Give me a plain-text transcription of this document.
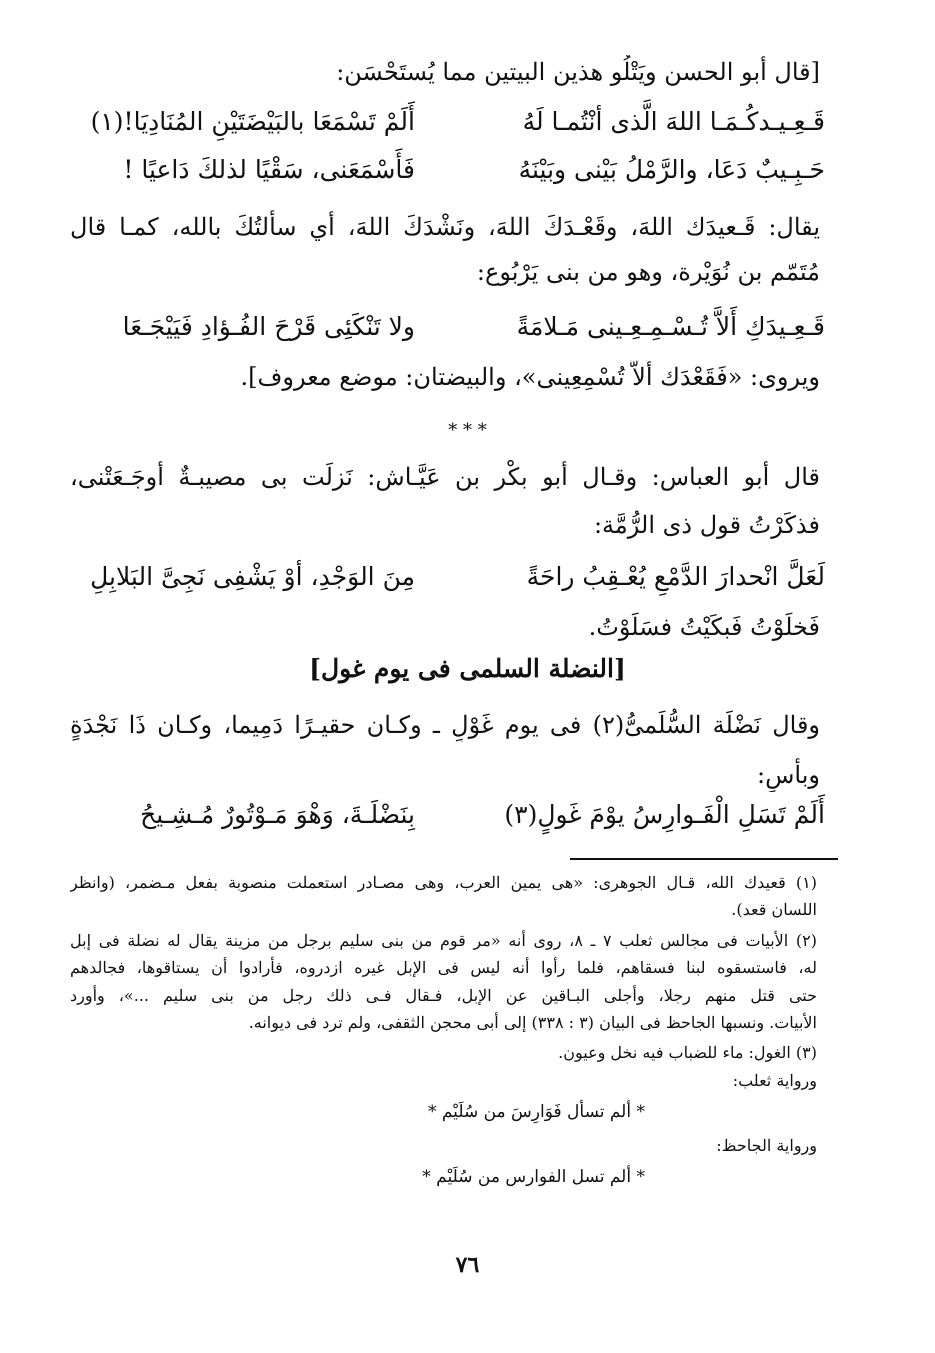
[قال أبو الحسن ويَتْلُو هذين البيتين مما يُستَحْسَن:
قَـعِـيـدكُـمَـا اللهَ الَّذى أنْتُمـا لَهُ
أَلَمْ تَسْمَعَا بالبَيْضَتَيْنِ المُنَادِيَا!(١)
حَـبِـيبٌ دَعَا، والرَّمْلُ بَيْنى وبَيْنَهُ
فَأَسْمَعَنى، سَقْيًا لذلكَ دَاعيًا !
يقال: قَـعيدَك اللهَ، وقَعْـدَكَ اللهَ، ونَشْدَكَ اللهَ، أي سألتُكَ بالله، كمـا قال
مُتَمّم بن نُوَيْرة، وهو من بنى يَرْبُوع:
قَـعِـيدَكِ أَلاَّ تُـسْـمِـعِـينى مَـلامَةً
ولا تَنْكَئِى قَرْحَ الفُـؤادِ فَيَيْجَـعَا
ويروى: «فَقَعْدَك أَلاَّ تُسْمِعِينى»، والبيضتان: موضع معروف].
* * *
قال أبو العباس: وقـال أبو بكْر بن عَيَّـاش: نَزلَت بى مصيبـةٌ أوجَـعَتْنى،
فذكَرْتُ قول ذى الرُّمَّة:
لَعَلَّ انْحدارَ الدَّمْعِ يُعْـقِبُ راحَةً
مِنَ الوَجْدِ، أوْ يَشْفِى نَجِىَّ البَلابِلِ
فَخلَوْتُ فَبكَيْتُ فسَلَوْتُ.
[النضلة السلمى فى يوم غول]
وقال نَضْلَة السُّلَمىُّ(٢) فى يوم غَوْلٍ ـ وكـان حقيـرًا دَمِيما، وكـان ذَا نَجْدَةٍ
وبأسٍ:
أَلَمْ تَسَلِ الْفَـوارِسُ يوْمَ غَولٍ(٣)
بِنَضْلَـةَ، وَهْوَ مَـوْتُورٌ مُـشِـيحُ
(١) قعيدك الله، قـال الجوهرى: «هى يمين العرب، وهى مصـادر استعملت منصوبة بفعل مـضمر، (وانظر
اللسان قعد).
(٢) الأبيات فى مجالس ثعلب ٧ ـ ٨، روى أنه «مر قوم من بنى سليم برجل من مزينة يقال له نضلة فى إبل
له، فاستسقوه لبنا فسقاهم، فلما رأوا أنه ليس فى الإبل غيره ازدروه، فأرادوا أن يستاقوها، فجالدهم
حتى قتل منهم رجلا، وأجلى البـاقين عن الإبل، فـقال فـى ذلك رجل من بنى سليم ...»، وأورد
الأبيات. ونسبها الجاحظ فى البيان (٣ : ٣٣٨) إلى أبى محجن الثقفى، ولم ترد فى ديوانه.
(٣) الغول: ماء للضباب فيه نخل وعيون.
ورواية ثعلب:
* ألم تسأل فَوَارِسَ من سُلَيْم *
ورواية الجاحظ:
* ألم تسل الفوارس من سُلَيْم *
٧٦
